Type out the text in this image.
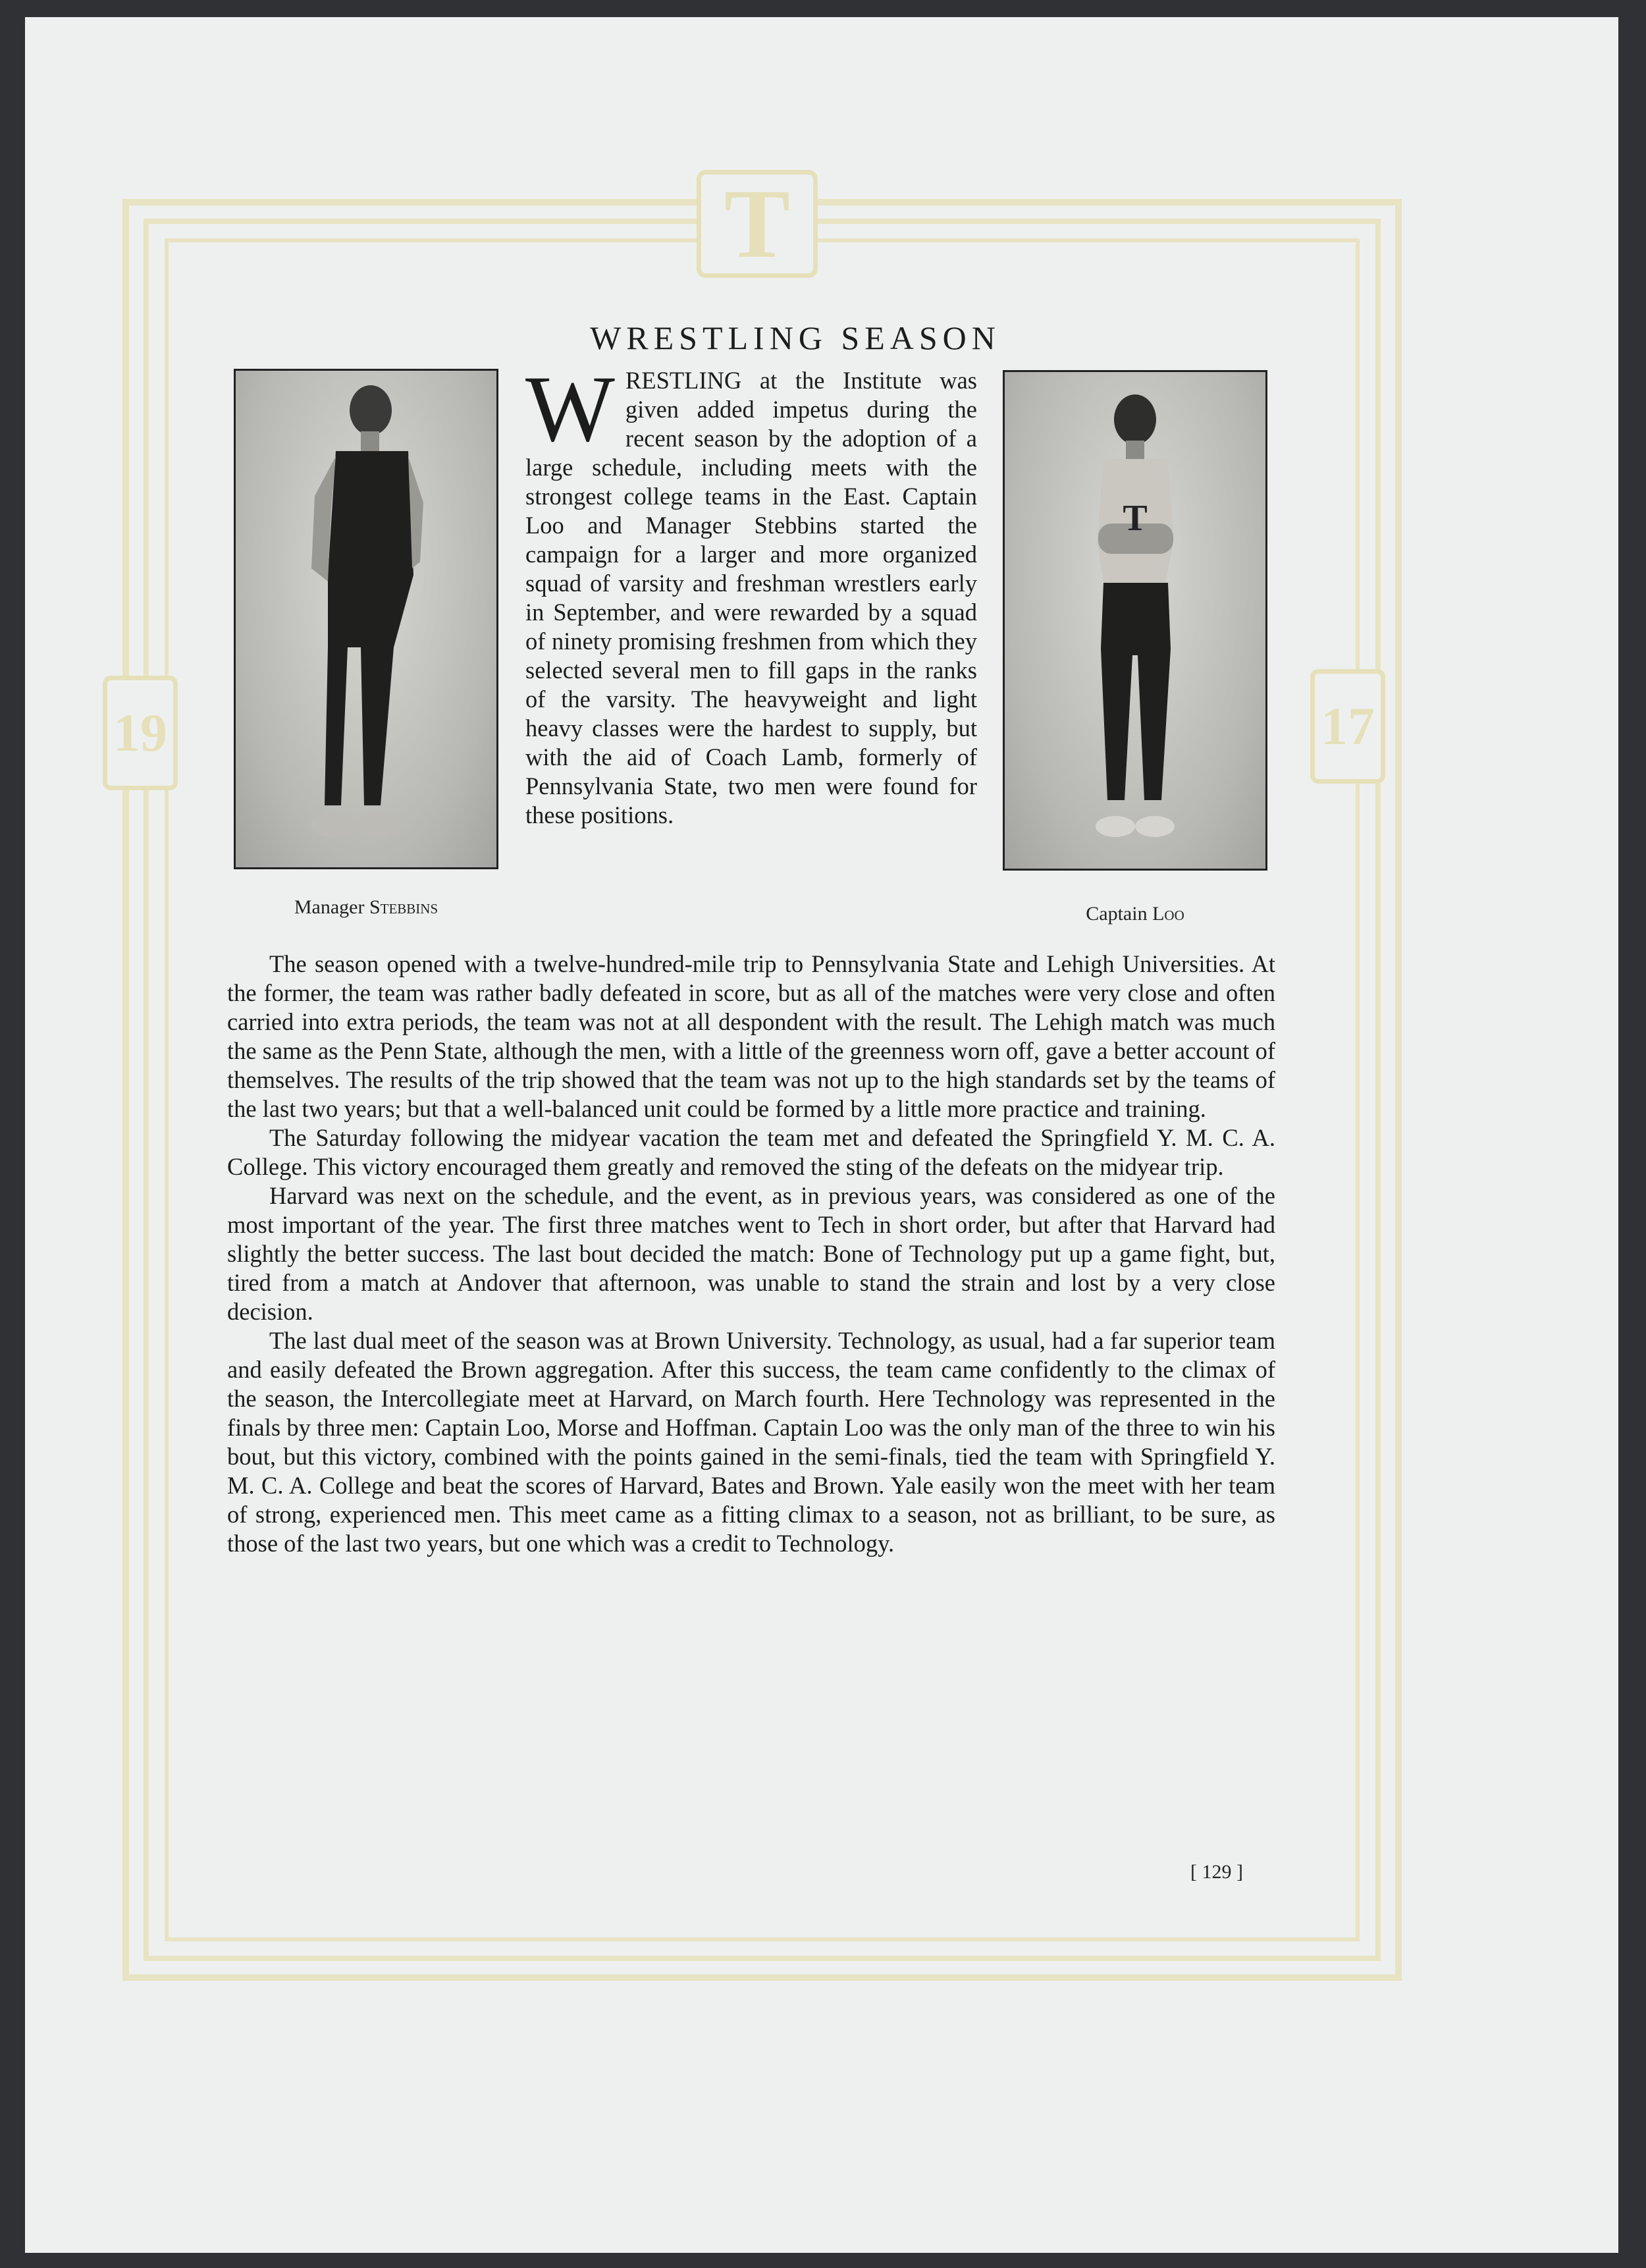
T
19	17
WRESTLING SEASON
Manager Stebbins
T
Captain Loo
WRESTLING at the Institute was given added impetus during the recent season by the adoption of a large schedule, including meets with the strongest college teams in the East. Captain Loo and Manager Stebbins started the campaign for a larger and more organized squad of varsity and freshman wrestlers early in September, and were rewarded by a squad of ninety promising freshmen from which they selected several men to fill gaps in the ranks of the varsity. The heavyweight and light heavy classes were the hardest to supply, but with the aid of Coach Lamb, formerly of Pennsylvania State, two men were found for these positions.

The season opened with a twelve-hundred-mile trip to Pennsylvania State and Lehigh Universities. At the former, the team was rather badly defeated in score, but as all of the matches were very close and often carried into extra periods, the team was not at all despondent with the result. The Lehigh match was much the same as the Penn State, although the men, with a little of the greenness worn off, gave a better account of themselves. The results of the trip showed that the team was not up to the high standards set by the teams of the last two years; but that a well-balanced unit could be formed by a little more practice and training.

The Saturday following the midyear vacation the team met and defeated the Springfield Y. M. C. A. College. This victory encouraged them greatly and removed the sting of the defeats on the midyear trip.

Harvard was next on the schedule, and the event, as in previous years, was considered as one of the most important of the year. The first three matches went to Tech in short order, but after that Harvard had slightly the better success. The last bout decided the match: Bone of Technology put up a game fight, but, tired from a match at Andover that afternoon, was unable to stand the strain and lost by a very close decision.

The last dual meet of the season was at Brown University. Technology, as usual, had a far superior team and easily defeated the Brown aggregation. After this success, the team came confidently to the climax of the season, the Intercollegiate meet at Harvard, on March fourth. Here Technology was represented in the finals by three men: Captain Loo, Morse and Hoffman. Captain Loo was the only man of the three to win his bout, but this victory, combined with the points gained in the semi-finals, tied the team with Springfield Y. M. C. A. College and beat the scores of Harvard, Bates and Brown. Yale easily won the meet with her team of strong, experienced men. This meet came as a fitting climax to a season, not as brilliant, to be sure, as those of the last two years, but one which was a credit to Technology.

[ 129 ]
